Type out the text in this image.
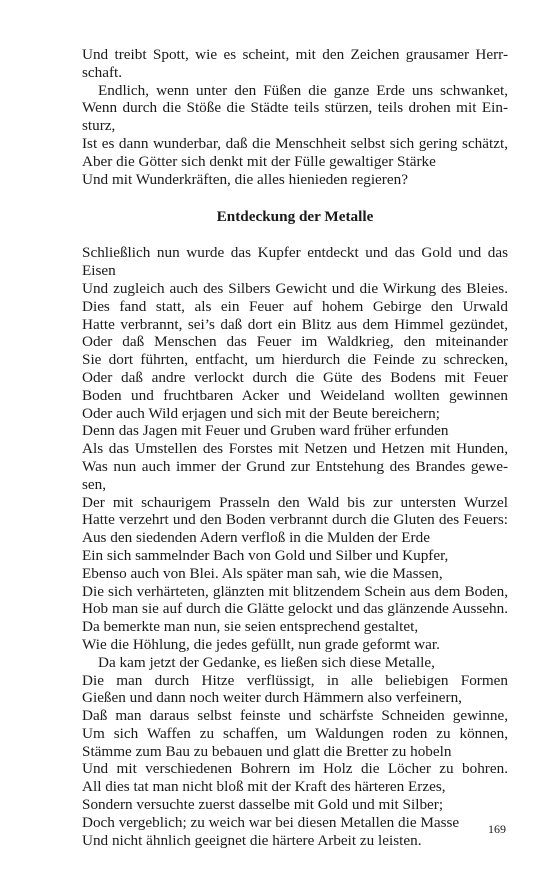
Und treibt Spott, wie es scheint, mit den Zeichen grausamer Herr-
schaft.
Endlich, wenn unter den Füßen die ganze Erde uns schwanket,
Wenn durch die Stöße die Städte teils stürzen, teils drohen mit Ein-
sturz,
Ist es dann wunderbar, daß die Menschheit selbst sich gering schätzt,
Aber die Götter sich denkt mit der Fülle gewaltiger Stärke
Und mit Wunderkräften, die alles hienieden regieren?
Entdeckung der Metalle
Schließlich nun wurde das Kupfer entdeckt und das Gold und das
Eisen
Und zugleich auch des Silbers Gewicht und die Wirkung des Bleies.
Dies fand statt, als ein Feuer auf hohem Gebirge den Urwald
Hatte verbrannt, sei’s daß dort ein Blitz aus dem Himmel gezündet,
Oder daß Menschen das Feuer im Waldkrieg, den miteinander
Sie dort führten, entfacht, um hierdurch die Feinde zu schrecken,
Oder daß andre verlockt durch die Güte des Bodens mit Feuer
Boden und fruchtbaren Acker und Weideland wollten gewinnen
Oder auch Wild erjagen und sich mit der Beute bereichern;
Denn das Jagen mit Feuer und Gruben ward früher erfunden
Als das Umstellen des Forstes mit Netzen und Hetzen mit Hunden,
Was nun auch immer der Grund zur Entstehung des Brandes gewe-
sen,
Der mit schaurigem Prasseln den Wald bis zur untersten Wurzel
Hatte verzehrt und den Boden verbrannt durch die Gluten des Feuers:
Aus den siedenden Adern verfloß in die Mulden der Erde
Ein sich sammelnder Bach von Gold und Silber und Kupfer,
Ebenso auch von Blei. Als später man sah, wie die Massen,
Die sich verhärteten, glänzten mit blitzendem Schein aus dem Boden,
Hob man sie auf durch die Glätte gelockt und das glänzende Aussehn.
Da bemerkte man nun, sie seien entsprechend gestaltet,
Wie die Höhlung, die jedes gefüllt, nun grade geformt war.
Da kam jetzt der Gedanke, es ließen sich diese Metalle,
Die man durch Hitze verflüssigt, in alle beliebigen Formen
Gießen und dann noch weiter durch Hämmern also verfeinern,
Daß man daraus selbst feinste und schärfste Schneiden gewinne,
Um sich Waffen zu schaffen, um Waldungen roden zu können,
Stämme zum Bau zu bebauen und glatt die Bretter zu hobeln
Und mit verschiedenen Bohrern im Holz die Löcher zu bohren.
All dies tat man nicht bloß mit der Kraft des härteren Erzes,
Sondern versuchte zuerst dasselbe mit Gold und mit Silber;
Doch vergeblich; zu weich war bei diesen Metallen die Masse
Und nicht ähnlich geeignet die härtere Arbeit zu leisten.
169
